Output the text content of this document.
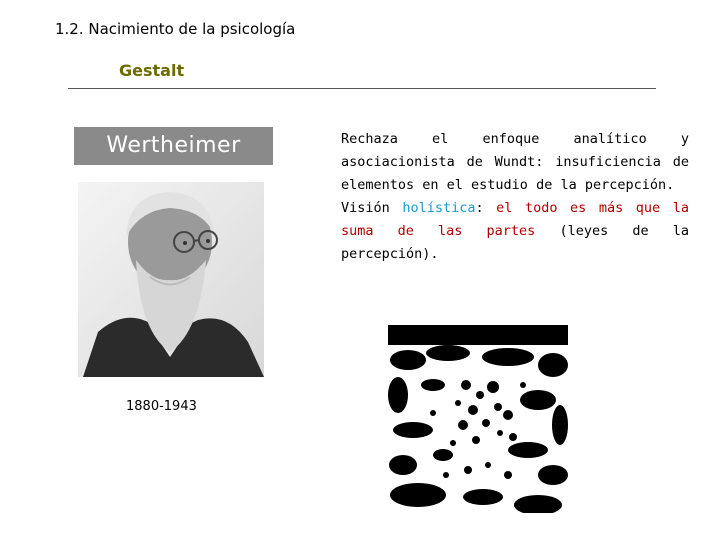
1.2. Nacimiento de la psicología
Gestalt
Wertheimer
1880-1943

Rechaza el enfoque analítico y asociacionista de Wundt: insuficiencia de elementos en el estudio de la percepción.

Visión holística: el todo es más que la suma de las partes (leyes de la percepción).
